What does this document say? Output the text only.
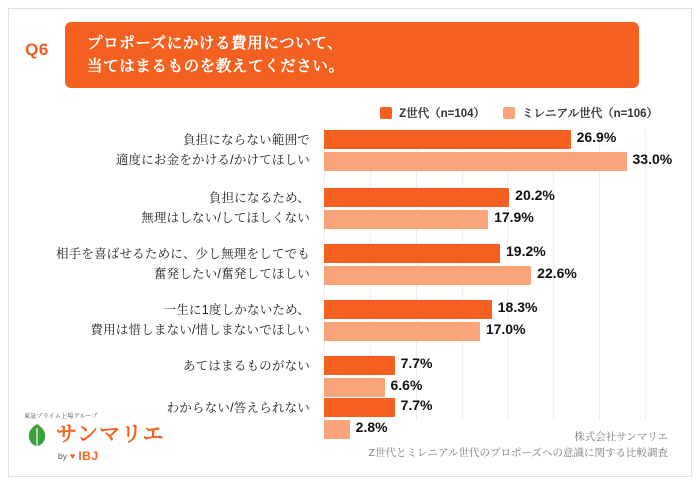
Q6	プロポーズにかける費用について、
当てはまるものを教えてください。
Z世代（n=104）	ミレニアル世代（n=106）
負担にならない範囲で
適度にお金をかける/かけてほしい
26.9%
33.0%
負担になるため、
無理はしない/してほしくない
20.2%
17.9%
相手を喜ばせるために、少し無理をしてでも
奮発したい/奮発してほしい
19.2%
22.6%
一生に1度しかないため、
費用は惜しまない/惜しまないでほしい
18.3%
17.0%
あてはまるものがない	7.7%
6.6%
わからない/答えられない	7.7%
2.8%
東証プライム上場グループ
サンマリエ
by ♥ IBJ
株式会社サンマリエ
Z世代とミレニアル世代のプロポーズへの意識に関する比較調査
